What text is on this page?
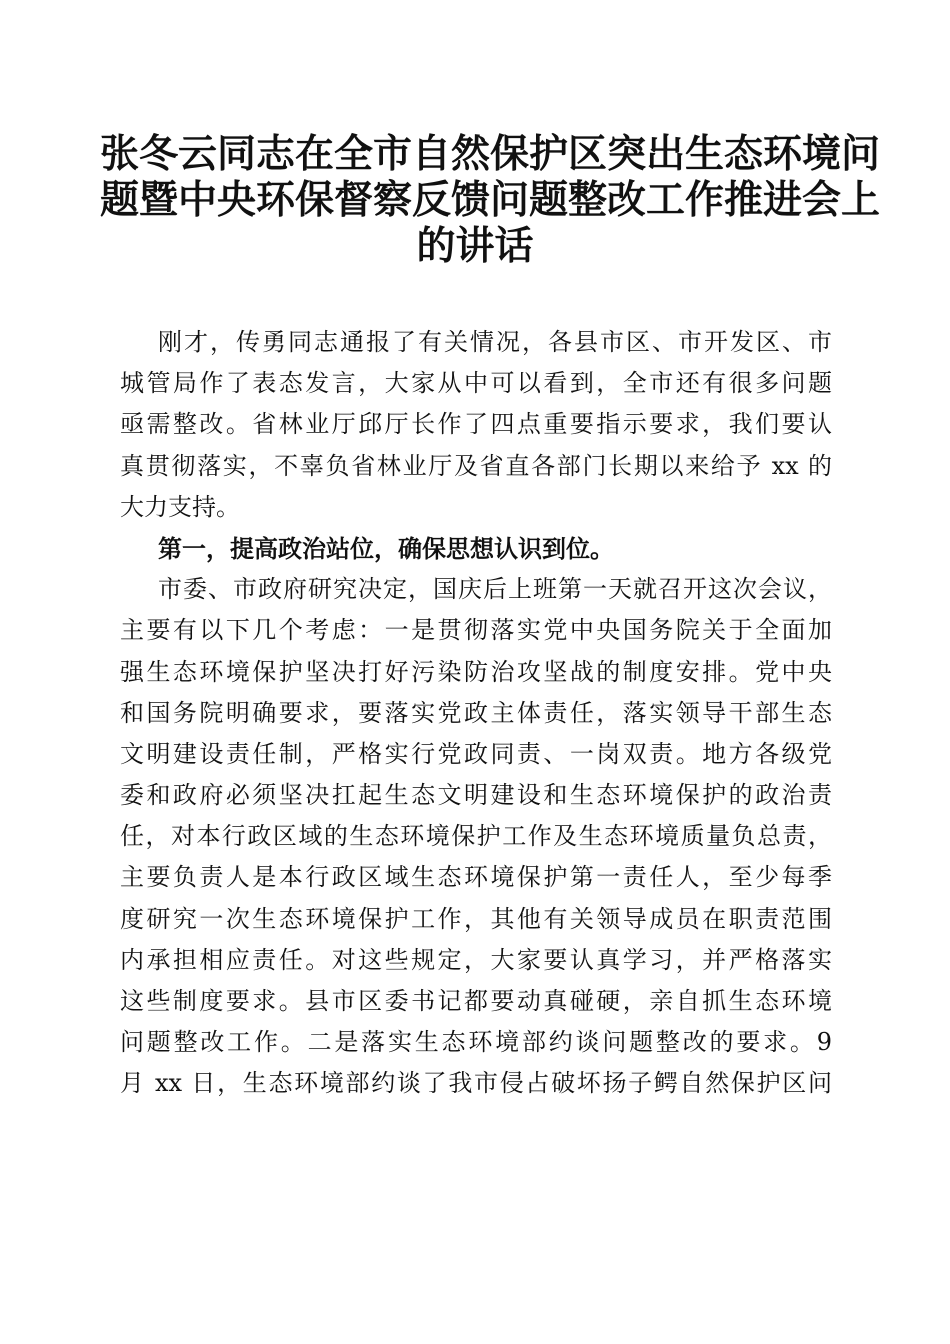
张冬云同志在全市自然保护区突出生态环境问
题暨中央环保督察反馈问题整改工作推进会上
的讲话
刚才，传勇同志通报了有关情况，各县市区、市开发区、市
城管局作了表态发言，大家从中可以看到，全市还有很多问题
亟需整改。省林业厅邱厅长作了四点重要指示要求，我们要认
真贯彻落实，不辜负省林业厅及省直各部门长期以来给予 xx 的
大力支持。
第一，提高政治站位，确保思想认识到位。
市委、市政府研究决定，国庆后上班第一天就召开这次会议，
主要有以下几个考虑：一是贯彻落实党中央国务院关于全面加
强生态环境保护坚决打好污染防治攻坚战的制度安排。党中央
和国务院明确要求，要落实党政主体责任，落实领导干部生态
文明建设责任制，严格实行党政同责、一岗双责。地方各级党
委和政府必须坚决扛起生态文明建设和生态环境保护的政治责
任，对本行政区域的生态环境保护工作及生态环境质量负总责，
主要负责人是本行政区域生态环境保护第一责任人，至少每季
度研究一次生态环境保护工作，其他有关领导成员在职责范围
内承担相应责任。对这些规定，大家要认真学习，并严格落实
这些制度要求。县市区委书记都要动真碰硬，亲自抓生态环境
问题整改工作。二是落实生态环境部约谈问题整改的要求。9
月 xx 日，生态环境部约谈了我市侵占破坏扬子鳄自然保护区问
